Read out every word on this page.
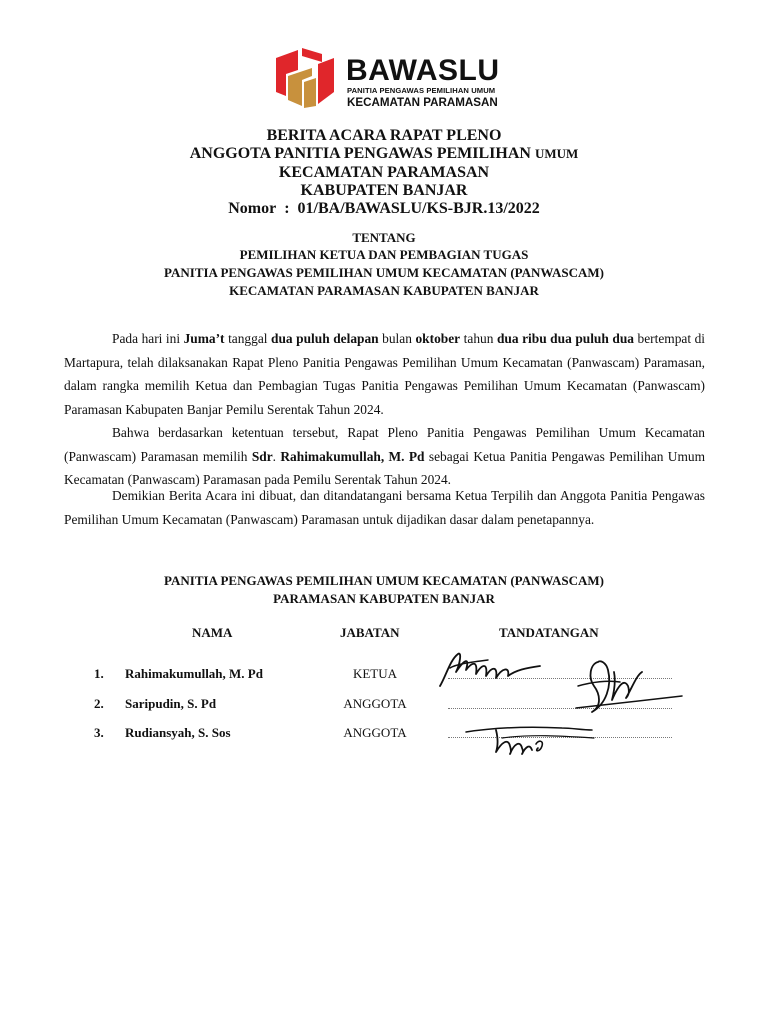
BAWASLU
PANITIA PENGAWAS PEMILIHAN UMUM
KECAMATAN PARAMASAN
BERITA ACARA RAPAT PLENO
ANGGOTA PANITIA PENGAWAS PEMILIHAN UMUM
KECAMATAN PARAMASAN
KABUPATEN BANJAR
Nomor : 01/BA/BAWASLU/KS-BJR.13/2022
TENTANG
PEMILIHAN KETUA DAN PEMBAGIAN TUGAS
PANITIA PENGAWAS PEMILIHAN UMUM KECAMATAN (PANWASCAM)
KECAMATAN PARAMASAN KABUPATEN BANJAR

Pada hari ini Juma’t tanggal dua puluh delapan bulan oktober tahun dua ribu dua puluh dua bertempat di Martapura, telah dilaksanakan Rapat Pleno Panitia Pengawas Pemilihan Umum Kecamatan (Panwascam) Paramasan, dalam rangka memilih Ketua dan Pembagian Tugas Panitia Pengawas Pemilihan Umum Kecamatan (Panwascam) Paramasan Kabupaten Banjar Pemilu Serentak Tahun 2024.

Bahwa berdasarkan ketentuan tersebut, Rapat Pleno Panitia Pengawas Pemilihan Umum Kecamatan (Panwascam) Paramasan memilih Sdr. Rahimakumullah, M. Pd sebagai Ketua Panitia Pengawas Pemilihan Umum Kecamatan (Panwascam) Paramasan pada Pemilu Serentak Tahun 2024.

Demikian Berita Acara ini dibuat, dan ditandatangani bersama Ketua Terpilih dan Anggota Panitia Pengawas Pemilihan Umum Kecamatan (Panwascam) Paramasan untuk dijadikan dasar dalam penetapannya.

PANITIA PENGAWAS PEMILIHAN UMUM KECAMATAN (PANWASCAM)
PARAMASAN KABUPATEN BANJAR
NAMA	JABATAN	TANDATANGAN
1. Rahimakumullah, M. Pd	KETUA
2. Saripudin, S. Pd	ANGGOTA
3. Rudiansyah, S. Sos	ANGGOTA
